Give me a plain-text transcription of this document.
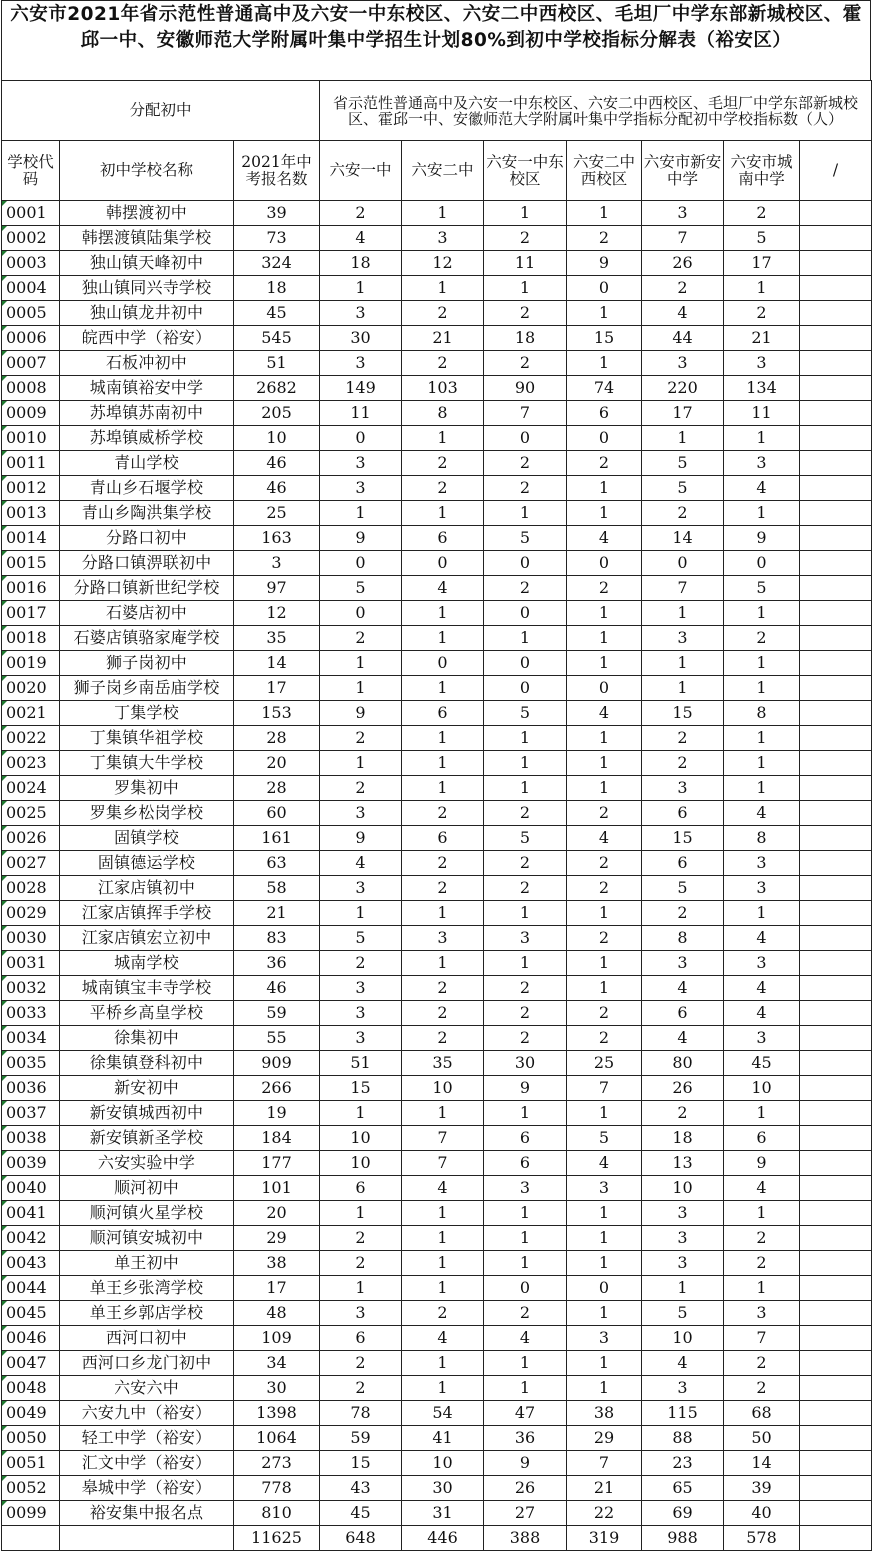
六安市2021年省示范性普通高中及六安一中东校区、六安二中西校区、毛坦厂中学东部新城校区、霍邱一中、安徽师范大学附属叶集中学招生计划80%到初中学校指标分解表（裕安区）
分配初中			省示范性普通高中及六安一中东校区、六安二中西校区、毛坦厂中学东部新城校区、霍邱一中、安徽师范大学附属叶集中学指标分配初中学校指标数（人）						
学校代码	初中学校名称	2021年中考报名数	六安一中	六安二中	六安一中东校区	六安二中西校区	六安市新安中学	六安市城南中学	/
0001	韩摆渡初中	39	2	1	1	1	3	2	
0002	韩摆渡镇陆集学校	73	4	3	2	2	7	5	
0003	独山镇天峰初中	324	18	12	11	9	26	17	
0004	独山镇同兴寺学校	18	1	1	1	0	2	1	
0005	独山镇龙井初中	45	3	2	2	1	4	2	
0006	皖西中学（裕安）	545	30	21	18	15	44	21	
0007	石板冲初中	51	3	2	2	1	3	3	
0008	城南镇裕安中学	2682	149	103	90	74	220	134	
0009	苏埠镇苏南初中	205	11	8	7	6	17	11	
0010	苏埠镇威桥学校	10	0	1	0	0	1	1	
0011	青山学校	46	3	2	2	2	5	3	
0012	青山乡石堰学校	46	3	2	2	1	5	4	
0013	青山乡陶洪集学校	25	1	1	1	1	2	1	
0014	分路口初中	163	9	6	5	4	14	9	
0015	分路口镇淠联初中	3	0	0	0	0	0	0	
0016	分路口镇新世纪学校	97	5	4	2	2	7	5	
0017	石婆店初中	12	0	1	0	1	1	1	
0018	石婆店镇骆家庵学校	35	2	1	1	1	3	2	
0019	狮子岗初中	14	1	0	0	1	1	1	
0020	狮子岗乡南岳庙学校	17	1	1	0	0	1	1	
0021	丁集学校	153	9	6	5	4	15	8	
0022	丁集镇华祖学校	28	2	1	1	1	2	1	
0023	丁集镇大牛学校	20	1	1	1	1	2	1	
0024	罗集初中	28	2	1	1	1	3	1	
0025	罗集乡松岗学校	60	3	2	2	2	6	4	
0026	固镇学校	161	9	6	5	4	15	8	
0027	固镇德运学校	63	4	2	2	2	6	3	
0028	江家店镇初中	58	3	2	2	2	5	3	
0029	江家店镇挥手学校	21	1	1	1	1	2	1	
0030	江家店镇宏立初中	83	5	3	3	2	8	4	
0031	城南学校	36	2	1	1	1	3	3	
0032	城南镇宝丰寺学校	46	3	2	2	1	4	4	
0033	平桥乡高皇学校	59	3	2	2	2	6	4	
0034	徐集初中	55	3	2	2	2	4	3	
0035	徐集镇登科初中	909	51	35	30	25	80	45	
0036	新安初中	266	15	10	9	7	26	10	
0037	新安镇城西初中	19	1	1	1	1	2	1	
0038	新安镇新圣学校	184	10	7	6	5	18	6	
0039	六安实验中学	177	10	7	6	4	13	9	
0040	顺河初中	101	6	4	3	3	10	4	
0041	顺河镇火星学校	20	1	1	1	1	3	1	
0042	顺河镇安城初中	29	2	1	1	1	3	2	
0043	单王初中	38	2	1	1	1	3	2	
0044	单王乡张湾学校	17	1	1	0	0	1	1	
0045	单王乡郭店学校	48	3	2	2	1	5	3	
0046	西河口初中	109	6	4	4	3	10	7	
0047	西河口乡龙门初中	34	2	1	1	1	4	2	
0048	六安六中	30	2	1	1	1	3	2	
0049	六安九中（裕安）	1398	78	54	47	38	115	68	
0050	轻工中学（裕安）	1064	59	41	36	29	88	50	
0051	汇文中学（裕安）	273	15	10	9	7	23	14	
0052	皋城中学（裕安）	778	43	30	26	21	65	39	
0099	裕安集中报名点	810	45	31	27	22	69	40	
		11625	648	446	388	319	988	578	
